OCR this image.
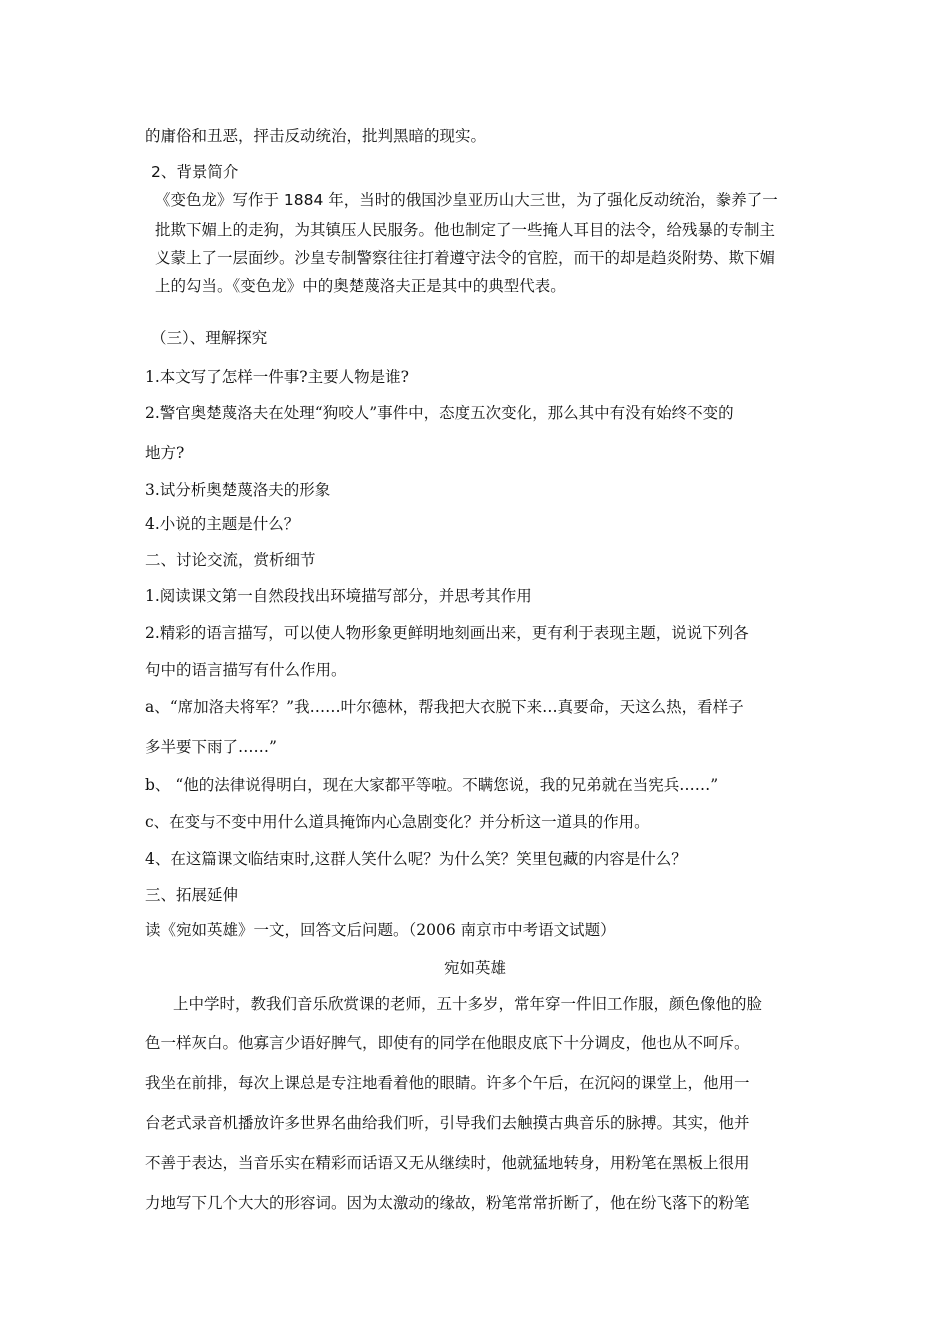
的庸俗和丑恶，抨击反动统治，批判黑暗的现实。
2、背景简介
《变色龙》写作于 1884 年，当时的俄国沙皇亚历山大三世，为了强化反动统治，豢养了一
批欺下媚上的走狗，为其镇压人民服务。他也制定了一些掩人耳目的法令，给残暴的专制主
义蒙上了一层面纱。沙皇专制警察往往打着遵守法令的官腔，而干的却是趋炎附势、欺下媚
上的勾当。《变色龙》中的奥楚蔑洛夫正是其中的典型代表。
（三）、理解探究
1.本文写了怎样一件事?主要人物是谁?
2.警官奥楚蔑洛夫在处理“狗咬人”事件中，态度五次变化，那么其中有没有始终不变的
地方?
3.试分析奥楚蔑洛夫的形象
4.小说的主题是什么？
二、讨论交流，赏析细节
1.阅读课文第一自然段找出环境描写部分，并思考其作用
2.精彩的语言描写，可以使人物形象更鲜明地刻画出来，更有利于表现主题，说说下列各
句中的语言描写有什么作用。
a、“席加洛夫将军？”我……叶尔德林，帮我把大衣脱下来…真要命，天这么热，看样子
多半要下雨了……”
b、 “他的法律说得明白，现在大家都平等啦。不瞒您说，我的兄弟就在当宪兵……”
c、在变与不变中用什么道具掩饰内心急剧变化？并分析这一道具的作用。
4、在这篇课文临结束时,这群人笑什么呢？为什么笑？笑里包藏的内容是什么？
三、拓展延伸
读《宛如英雄》一文，回答文后问题。（2006 南京市中考语文试题）
宛如英雄
上中学时，教我们音乐欣赏课的老师，五十多岁，常年穿一件旧工作服，颜色像他的脸
色一样灰白。他寡言少语好脾气，即使有的同学在他眼皮底下十分调皮，他也从不呵斥。
我坐在前排，每次上课总是专注地看着他的眼睛。许多个午后，在沉闷的课堂上，他用一
台老式录音机播放许多世界名曲给我们听，引导我们去触摸古典音乐的脉搏。其实，他并
不善于表达，当音乐实在精彩而话语又无从继续时，他就猛地转身，用粉笔在黑板上很用
力地写下几个大大的形容词。因为太激动的缘故，粉笔常常折断了，他在纷飞落下的粉笔
